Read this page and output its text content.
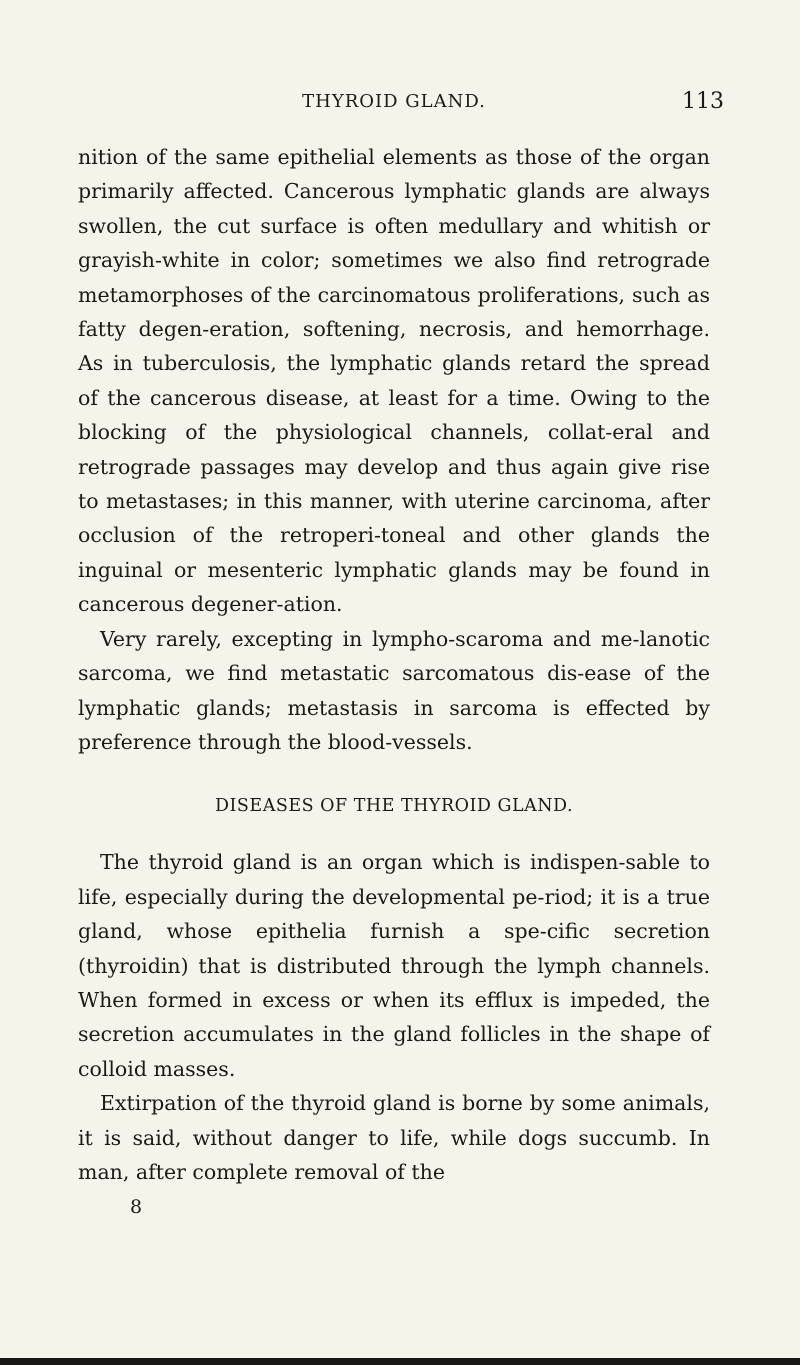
THYROID GLAND.	113

nition of the same epithelial elements as those of the organ primarily affected. Cancerous lymphatic glands are always swollen, the cut surface is often medullary and whitish or grayish-white in color; sometimes we also find retrograde metamorphoses of the carcinomatous proliferations, such as fatty degen-eration, softening, necrosis, and hemorrhage. As in tuberculosis, the lymphatic glands retard the spread of the cancerous disease, at least for a time. Owing to the blocking of the physiological channels, collat-eral and retrograde passages may develop and thus again give rise to metastases; in this manner, with uterine carcinoma, after occlusion of the retroperi-toneal and other glands the inguinal or mesenteric lymphatic glands may be found in cancerous degener-ation.

Very rarely, excepting in lympho-scaroma and me-lanotic sarcoma, we find metastatic sarcomatous dis-ease of the lymphatic glands; metastasis in sarcoma is effected by preference through the blood-vessels.

DISEASES OF THE THYROID GLAND.

The thyroid gland is an organ which is indispen-sable to life, especially during the developmental pe-riod; it is a true gland, whose epithelia furnish a spe-cific secretion (thyroidin) that is distributed through the lymph channels. When formed in excess or when its efflux is impeded, the secretion accumulates in the gland follicles in the shape of colloid masses.

Extirpation of the thyroid gland is borne by some animals, it is said, without danger to life, while dogs succumb. In man, after complete removal of the

8
